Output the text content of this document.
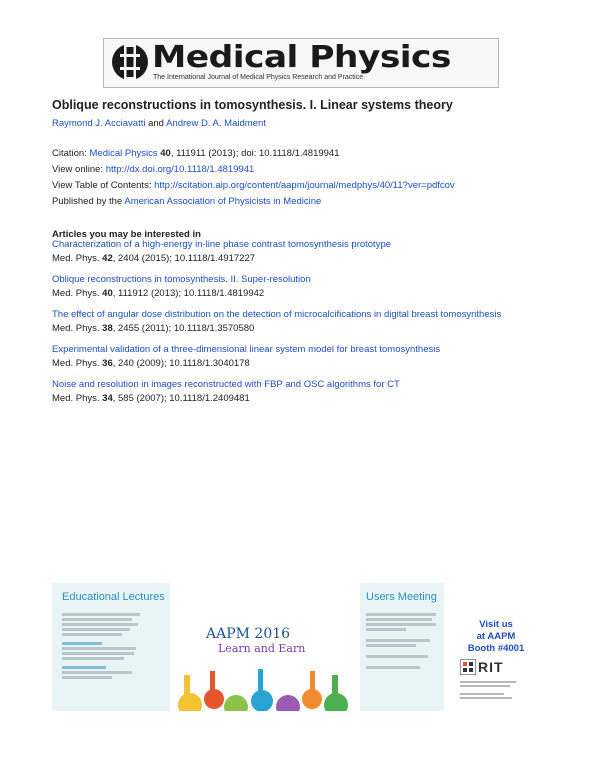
Medical Physics
The International Journal of Medical Physics Research and Practice
Oblique reconstructions in tomosynthesis. I. Linear systems theory
Raymond J. Acciavatti and Andrew D. A. Maidment
Citation: Medical Physics 40, 111911 (2013); doi: 10.1118/1.4819941
View online: http://dx.doi.org/10.1118/1.4819941
View Table of Contents: http://scitation.aip.org/content/aapm/journal/medphys/40/11?ver=pdfcov
Published by the American Association of Physicists in Medicine
Articles you may be interested in
Characterization of a high-energy in-line phase contrast tomosynthesis prototype
Med. Phys. 42, 2404 (2015); 10.1118/1.4917227
Oblique reconstructions in tomosynthesis. II. Super-resolution
Med. Phys. 40, 111912 (2013); 10.1118/1.4819942
The effect of angular dose distribution on the detection of microcalcifications in digital breast tomosynthesis
Med. Phys. 38, 2455 (2011); 10.1118/1.3570580
Experimental validation of a three-dimensional linear system model for breast tomosynthesis
Med. Phys. 36, 240 (2009); 10.1118/1.3040178
Noise and resolution in images reconstructed with FBP and OSC algorithms for CT
Med. Phys. 34, 585 (2007); 10.1118/1.2409481
Educational Lectures
AAPM 2016
Learn and Earn
Users Meeting
Visit us
at AAPM
Booth #4001
RIT
